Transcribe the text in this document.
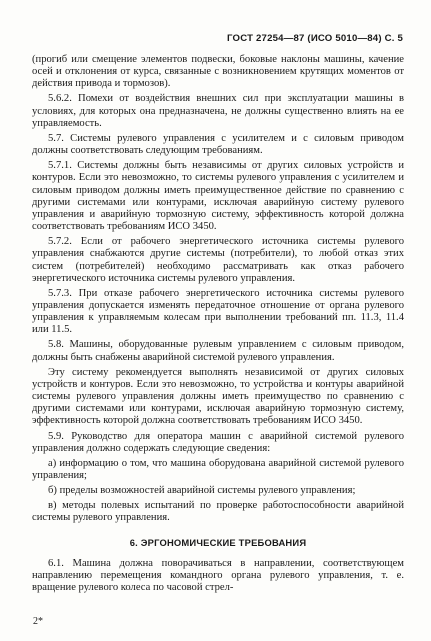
ГОСТ 27254—87 (ИСО 5010—84) С. 5

(прогиб или смещение элементов подвески, боковые наклоны машины, качение осей и отклонения от курса, связанные с возникновением крутящих моментов от действия привода и тормозов).

5.6.2. Помехи от воздействия внешних сил при эксплуатации машины в условиях, для которых она предназначена, не должны существенно влиять на ее управляемость.

5.7. Системы рулевого управления с усилителем и с силовым приводом должны соответствовать следующим требованиям.

5.7.1. Системы должны быть независимы от других силовых устройств и контуров. Если это невозможно, то системы рулевого управления с усилителем и силовым приводом должны иметь преимущественное действие по сравнению с другими системами или контурами, исключая аварийную систему рулевого управления и аварийную тормозную систему, эффективность которой должна соответствовать требованиям ИСО 3450.

5.7.2. Если от рабочего энергетического источника системы рулевого управления снабжаются другие системы (потребители), то любой отказ этих систем (потребителей) необходимо рассматривать как отказ рабочего энергетического источника системы рулевого управления.

5.7.3. При отказе рабочего энергетического источника системы рулевого управления допускается изменять передаточное отношение от органа рулевого управления к управляемым колесам при выполнении требований пп. 11.3, 11.4 или 11.5.

5.8. Машины, оборудованные рулевым управлением с силовым приводом, должны быть снабжены аварийной системой рулевого управления.

Эту систему рекомендуется выполнять независимой от других силовых устройств и контуров. Если это невозможно, то устройства и контуры аварийной системы рулевого управления должны иметь преимущество по сравнению с другими системами или контурами, исключая аварийную тормозную систему, эффективность которой должна соответствовать требованиям ИСО 3450.

5.9. Руководство для оператора машин с аварийной системой рулевого управления должно содержать следующие сведения:

а) информацию о том, что машина оборудована аварийной системой рулевого управления;

б) пределы возможностей аварийной системы рулевого управления;

в) методы полевых испытаний по проверке работоспособности аварийной системы рулевого управления.

6. ЭРГОНОМИЧЕСКИЕ ТРЕБОВАНИЯ

6.1. Машина должна поворачиваться в направлении, соответствующем направлению перемещения командного органа рулевого управления, т. е. вращение рулевого колеса по часовой стрел-

2*
